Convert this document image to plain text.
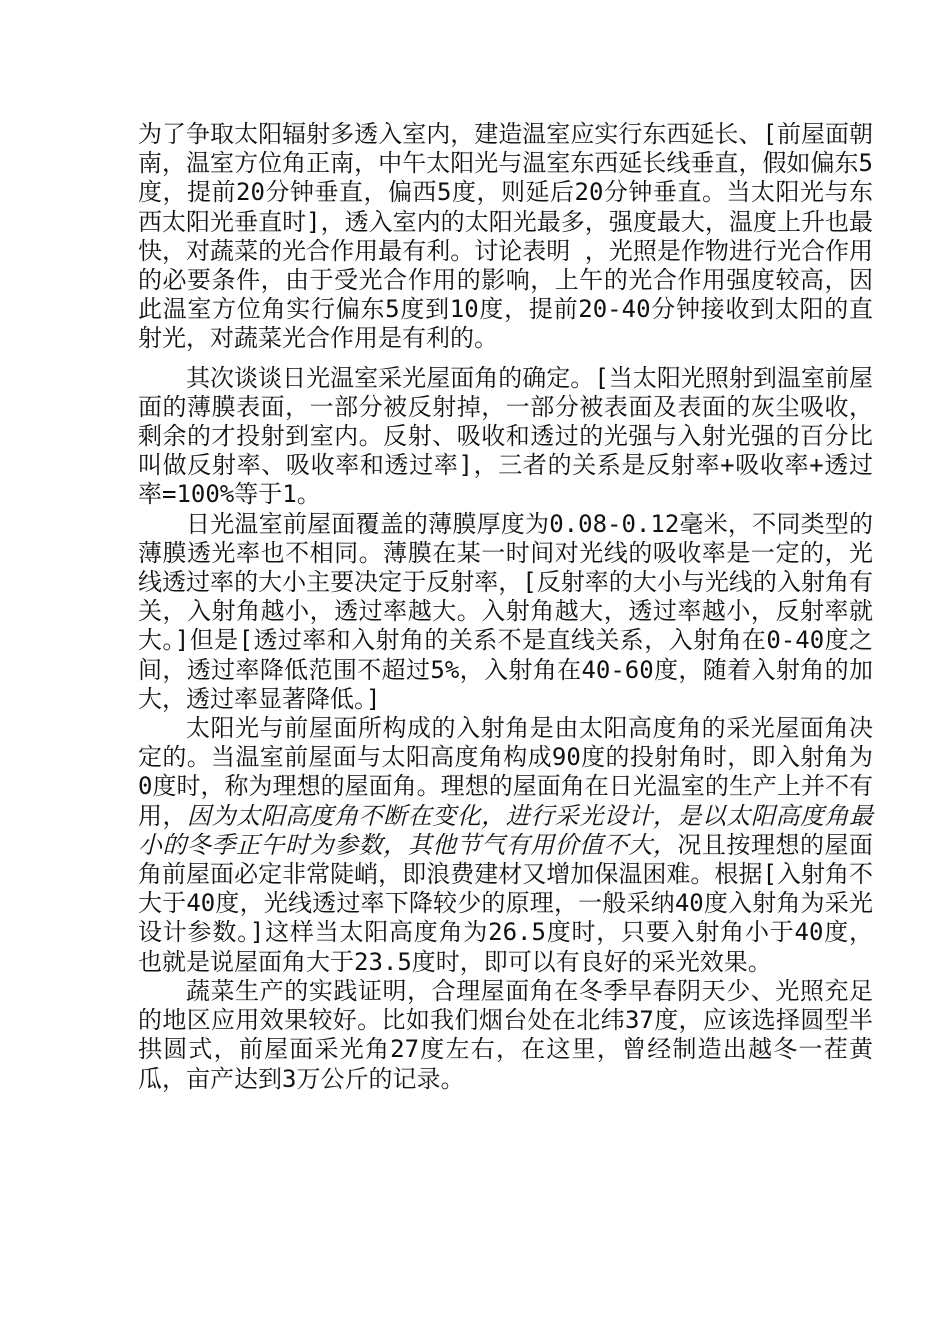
为了争取太阳辐射多透入室内，建造温室应实行东西延长、[前屋面朝南，温室方位角正南，中午太阳光与温室东西延长线垂直，假如偏东5度，提前20分钟垂直，偏西5度，则延后20分钟垂直。当太阳光与东西太阳光垂直时]，透入室内的太阳光最多，强度最大，温度上升也最快，对蔬菜的光合作用最有利。讨论表明 ，光照是作物进行光合作用的必要条件，由于受光合作用的影响，上午的光合作用强度较高，因此温室方位角实行偏东5度到10度，提前20-40分钟接收到太阳的直射光，对蔬菜光合作用是有利的。

其次谈谈日光温室采光屋面角的确定。[当太阳光照射到温室前屋面的薄膜表面，一部分被反射掉，一部分被表面及表面的灰尘吸收，剩余的才投射到室内。反射、吸收和透过的光强与入射光强的百分比叫做反射率、吸收率和透过率]，三者的关系是反射率+吸收率+透过率=100%等于1。

日光温室前屋面覆盖的薄膜厚度为0.08-0.12毫米，不同类型的薄膜透光率也不相同。薄膜在某一时间对光线的吸收率是一定的，光线透过率的大小主要决定于反射率，[反射率的大小与光线的入射角有关，入射角越小，透过率越大。入射角越大，透过率越小，反射率就大。]但是[透过率和入射角的关系不是直线关系，入射角在0-40度之间，透过率降低范围不超过5%，入射角在40-60度，随着入射角的加大，透过率显著降低。]

太阳光与前屋面所构成的入射角是由太阳高度角的采光屋面角决定的。当温室前屋面与太阳高度角构成90度的投射角时，即入射角为0度时，称为理想的屋面角。理想的屋面角在日光温室的生产上并不有用，因为太阳高度角不断在变化，进行采光设计，是以太阳高度角最小的冬季正午时为参数，其他节气有用价值不大，况且按理想的屋面角前屋面必定非常陡峭，即浪费建材又增加保温困难。根据[入射角不大于40度，光线透过率下降较少的原理，一般采纳40度入射角为采光设计参数。]这样当太阳高度角为26.5度时，只要入射角小于40度，也就是说屋面角大于23.5度时，即可以有良好的采光效果。

蔬菜生产的实践证明，合理屋面角在冬季早春阴天少、光照充足的地区应用效果较好。比如我们烟台处在北纬37度，应该选择圆型半拱圆式，前屋面采光角27度左右，在这里，曾经制造出越冬一茬黄瓜，亩产达到3万公斤的记录。
